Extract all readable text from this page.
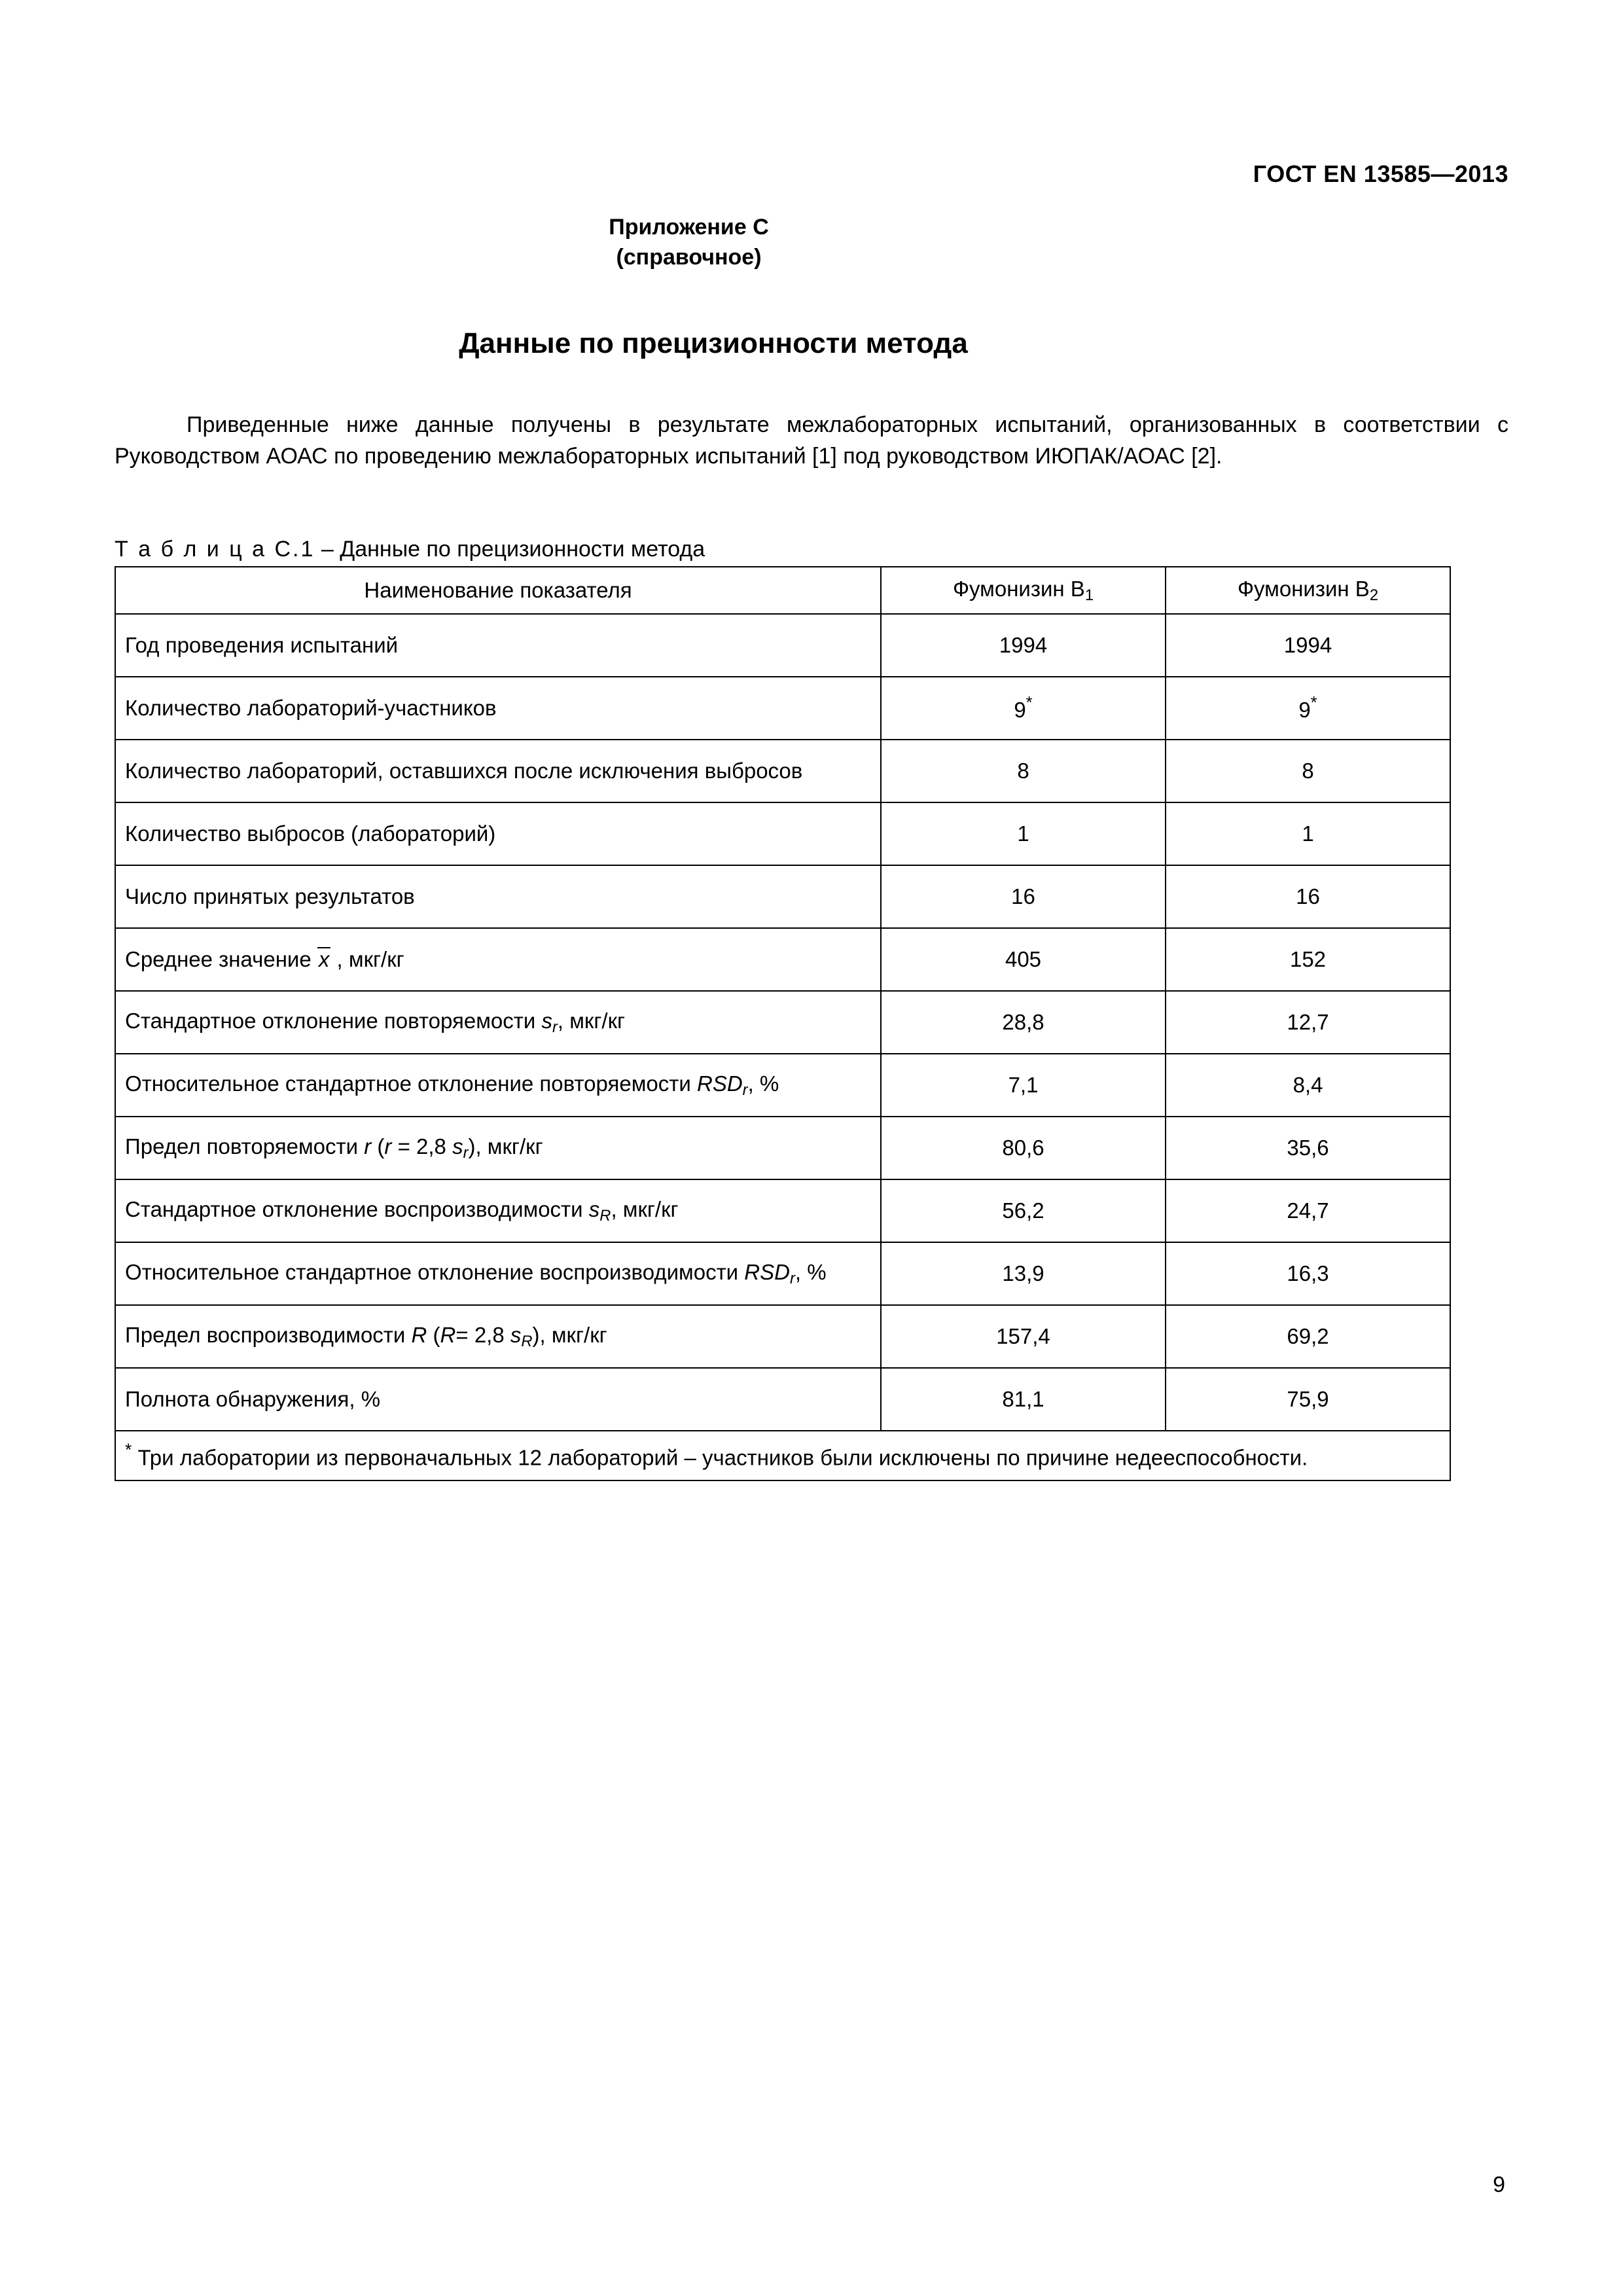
ГОСТ EN 13585—2013
Приложение С
(справочное)
Данные по прецизионности метода
Приведенные ниже данные получены в результате межлабораторных испытаний, организованных в соответствии с Руководством АОАС по проведению межлабораторных испытаний [1] под руководством ИЮПАК/АОАС [2].
Т а б л и ц а С.1 – Данные по прецизионности метода
Наименование показателя	Фумонизин $B_1$	Фумонизин $B_2$
Год проведения испытаний	1994	1994
Количество лабораторий-участников	9*	9*
Количество лабораторий, оставшихся после исключения выбросов	8	8
Количество выбросов (лабораторий)	1	1
Число принятых результатов	16	16
Среднее значение x , мкг/кг	405	152
Стандартное отклонение повторяемости $s_r$, мкг/кг	28,8	12,7
Относительное стандартное отклонение повторяемости $RSD_r$, %	7,1	8,4
Предел повторяемости r (r = 2,8 $s_r$), мкг/кг	80,6	35,6
Стандартное отклонение воспроизводимости $s_R$, мкг/кг	56,2	24,7
Относительное стандартное отклонение воспроизводимости $RSD_r$, %	13,9	16,3
Предел воспроизводимости R (R= 2,8 $s_R$), мкг/кг	157,4	69,2
Полнота обнаружения, %	81,1	75,9
* Три лаборатории из первоначальных 12 лабораторий – участников были исключены по причине недееспособности.		
9
